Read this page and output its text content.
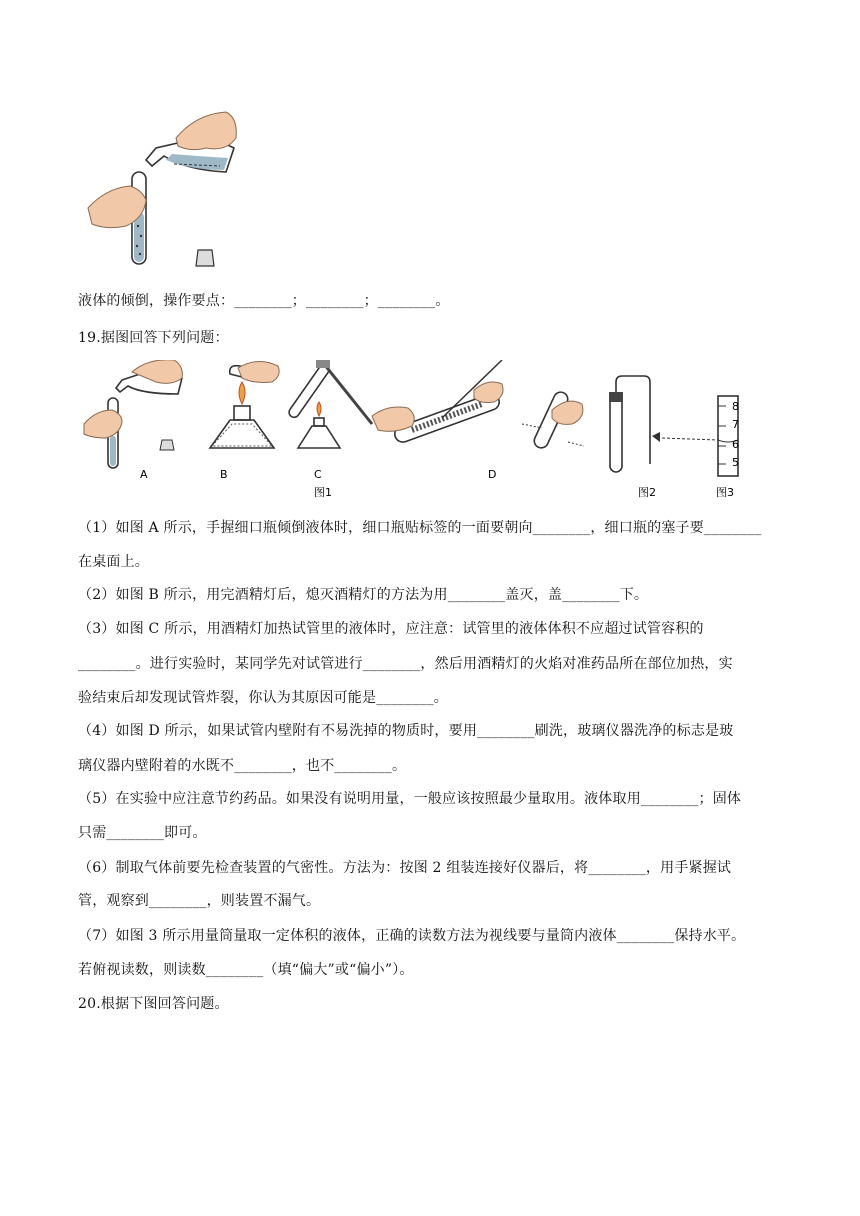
液体的倾倒，操作要点：________；________；________。
19.据图回答下列问题：
A	B	C	D
图1	图2	图3
8
7
6
5
（1）如图 A 所示，手握细口瓶倾倒液体时，细口瓶贴标签的一面要朝向________，细口瓶的塞子要________
在桌面上。
（2）如图 B 所示，用完酒精灯后，熄灭酒精灯的方法为用________盖灭，盖________下。
（3）如图 C 所示，用酒精灯加热试管里的液体时，应注意：试管里的液体体积不应超过试管容积的
________。进行实验时，某同学先对试管进行________，然后用酒精灯的火焰对准药品所在部位加热，实
验结束后却发现试管炸裂，你认为其原因可能是________。
（4）如图 D 所示，如果试管内壁附有不易洗掉的物质时，要用________刷洗，玻璃仪器洗净的标志是玻
璃仪器内壁附着的水既不________，也不________。
（5）在实验中应注意节约药品。如果没有说明用量，一般应该按照最少量取用。液体取用________；固体
只需________即可。
（6）制取气体前要先检查装置的气密性。方法为：按图 2 组装连接好仪器后，将________，用手紧握试
管，观察到________，则装置不漏气。
（7）如图 3 所示用量筒量取一定体积的液体，正确的读数方法为视线要与量筒内液体________保持水平。
若俯视读数，则读数________（填“偏大”或“偏小”）。
20.根据下图回答问题。
